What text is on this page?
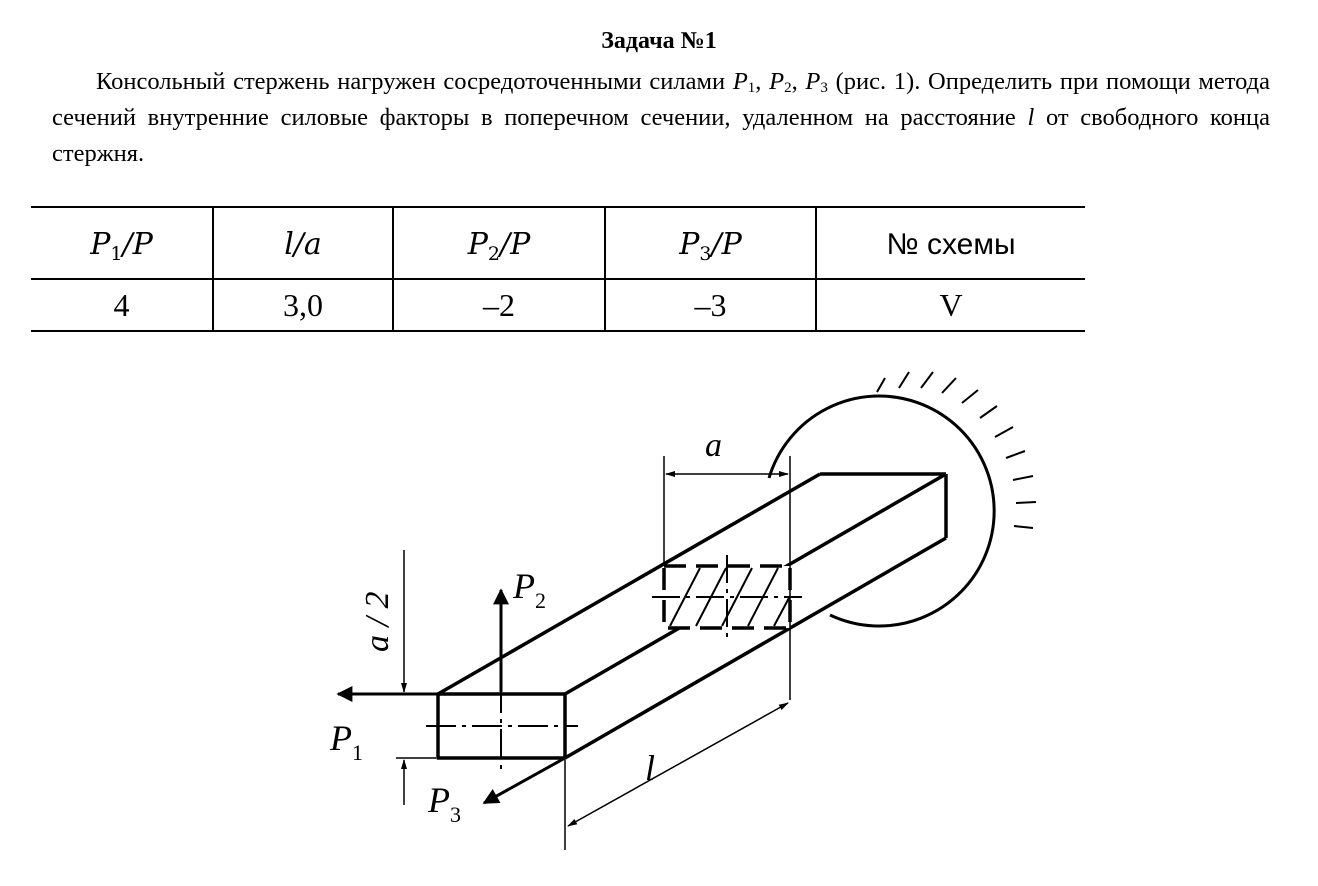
Задача №1
Консольный стержень нагружен сосредоточенными силами $P_1$, $P_2$, $P_3$ (рис. 1). Определить при помощи метода сечений внутренние силовые факторы в поперечном сечении, удаленном на расстояние l от свободного конца стержня.
$P_1/P$	l/a	$P_2/P$	$P_3/P$	№ схемы
4	3,0	–2	–3	V
a
l
a / 2
$P_1$
$P_2$
$P_3$
